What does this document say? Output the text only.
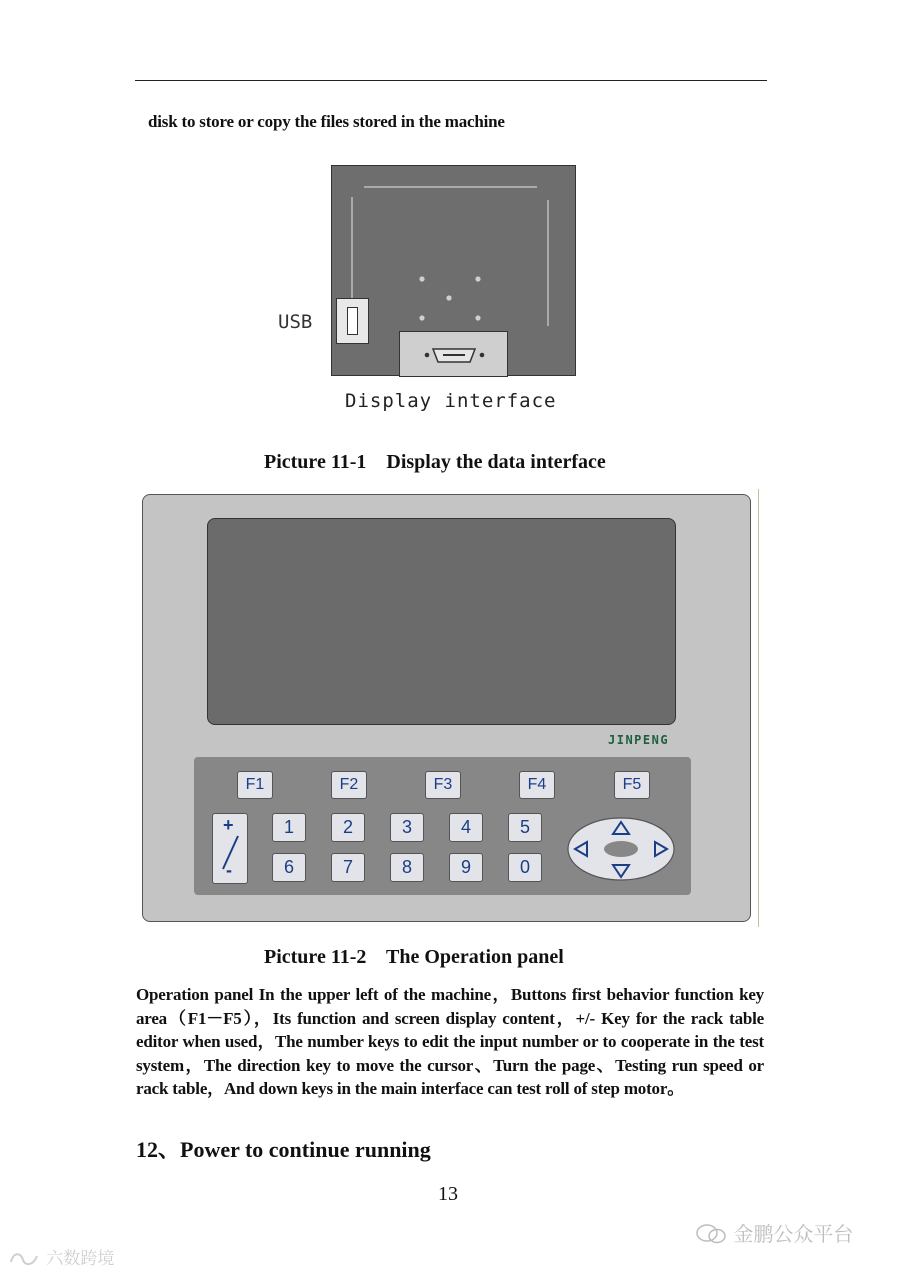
disk to store or copy the files stored in the machine
USB
Display interface
Picture 11-1    Display the data interface
JINPENG
F1	F2	F3	F4	F5
+
-
1	2	3	4	5
6	7	8	9	0
Picture 11-2    The Operation panel
Operation panel In the upper left of the machine，Buttons first behavior function key area（F1－F5），Its function and screen display content，+/- Key for the rack table editor when used，The number keys to edit the input number or to cooperate in the test system，The direction key to move the cursor、Turn the page、Testing run speed or rack table，And down keys in the main interface can test roll of step motor。
12、Power to continue running
13
金鹏公众平台
六数跨境
